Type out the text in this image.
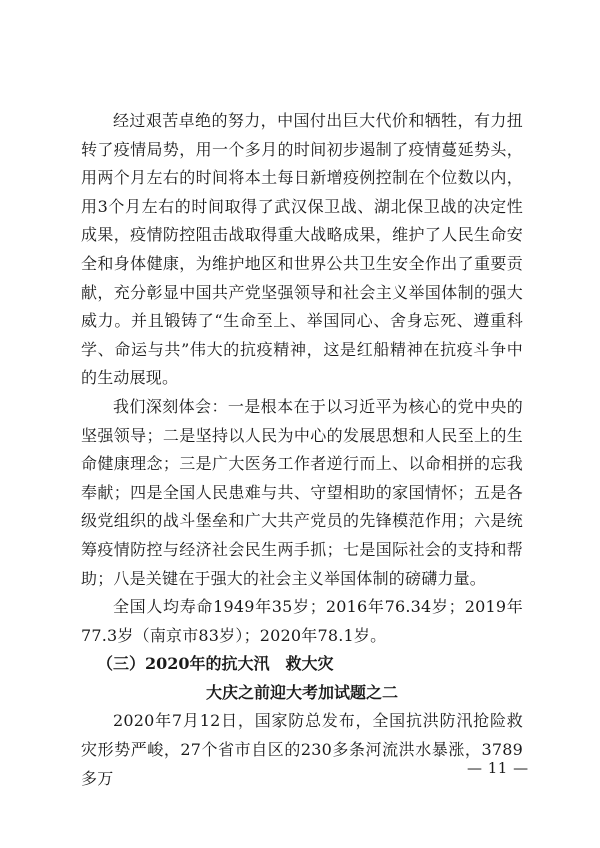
经过艰苦卓绝的努力，中国付出巨大代价和牺牲，有力扭转了疫情局势，用一个多月的时间初步遏制了疫情蔓延势头，用两个月左右的时间将本土每日新增疫例控制在个位数以内，用3个月左右的时间取得了武汉保卫战、湖北保卫战的决定性成果，疫情防控阻击战取得重大战略成果，维护了人民生命安全和身体健康，为维护地区和世界公共卫生安全作出了重要贡献，充分彰显中国共产党坚强领导和社会主义举国体制的强大威力。并且锻铸了“生命至上、举国同心、舍身忘死、遵重科学、命运与共”伟大的抗疫精神，这是红船精神在抗疫斗争中的生动展现。

我们深刻体会：一是根本在于以习近平为核心的党中央的坚强领导；二是坚持以人民为中心的发展思想和人民至上的生命健康理念；三是广大医务工作者逆行而上、以命相拼的忘我奉献；四是全国人民患难与共、守望相助的家国情怀；五是各级党组织的战斗堡垒和广大共产党员的先锋模范作用；六是统筹疫情防控与经济社会民生两手抓；七是国际社会的支持和帮助；八是关键在于强大的社会主义举国体制的磅礴力量。

全国人均寿命1949年35岁；2016年76.34岁；2019年77.3岁（南京市83岁）；2020年78.1岁。

（三）2020年的抗大汛　救大灾

大庆之前迎大考加试题之二

2020年7月12日，国家防总发布，全国抗洪防汛抢险救灾形势严峻，27个省市自区的230多条河流洪水暴涨，3789多万

— 11 —
